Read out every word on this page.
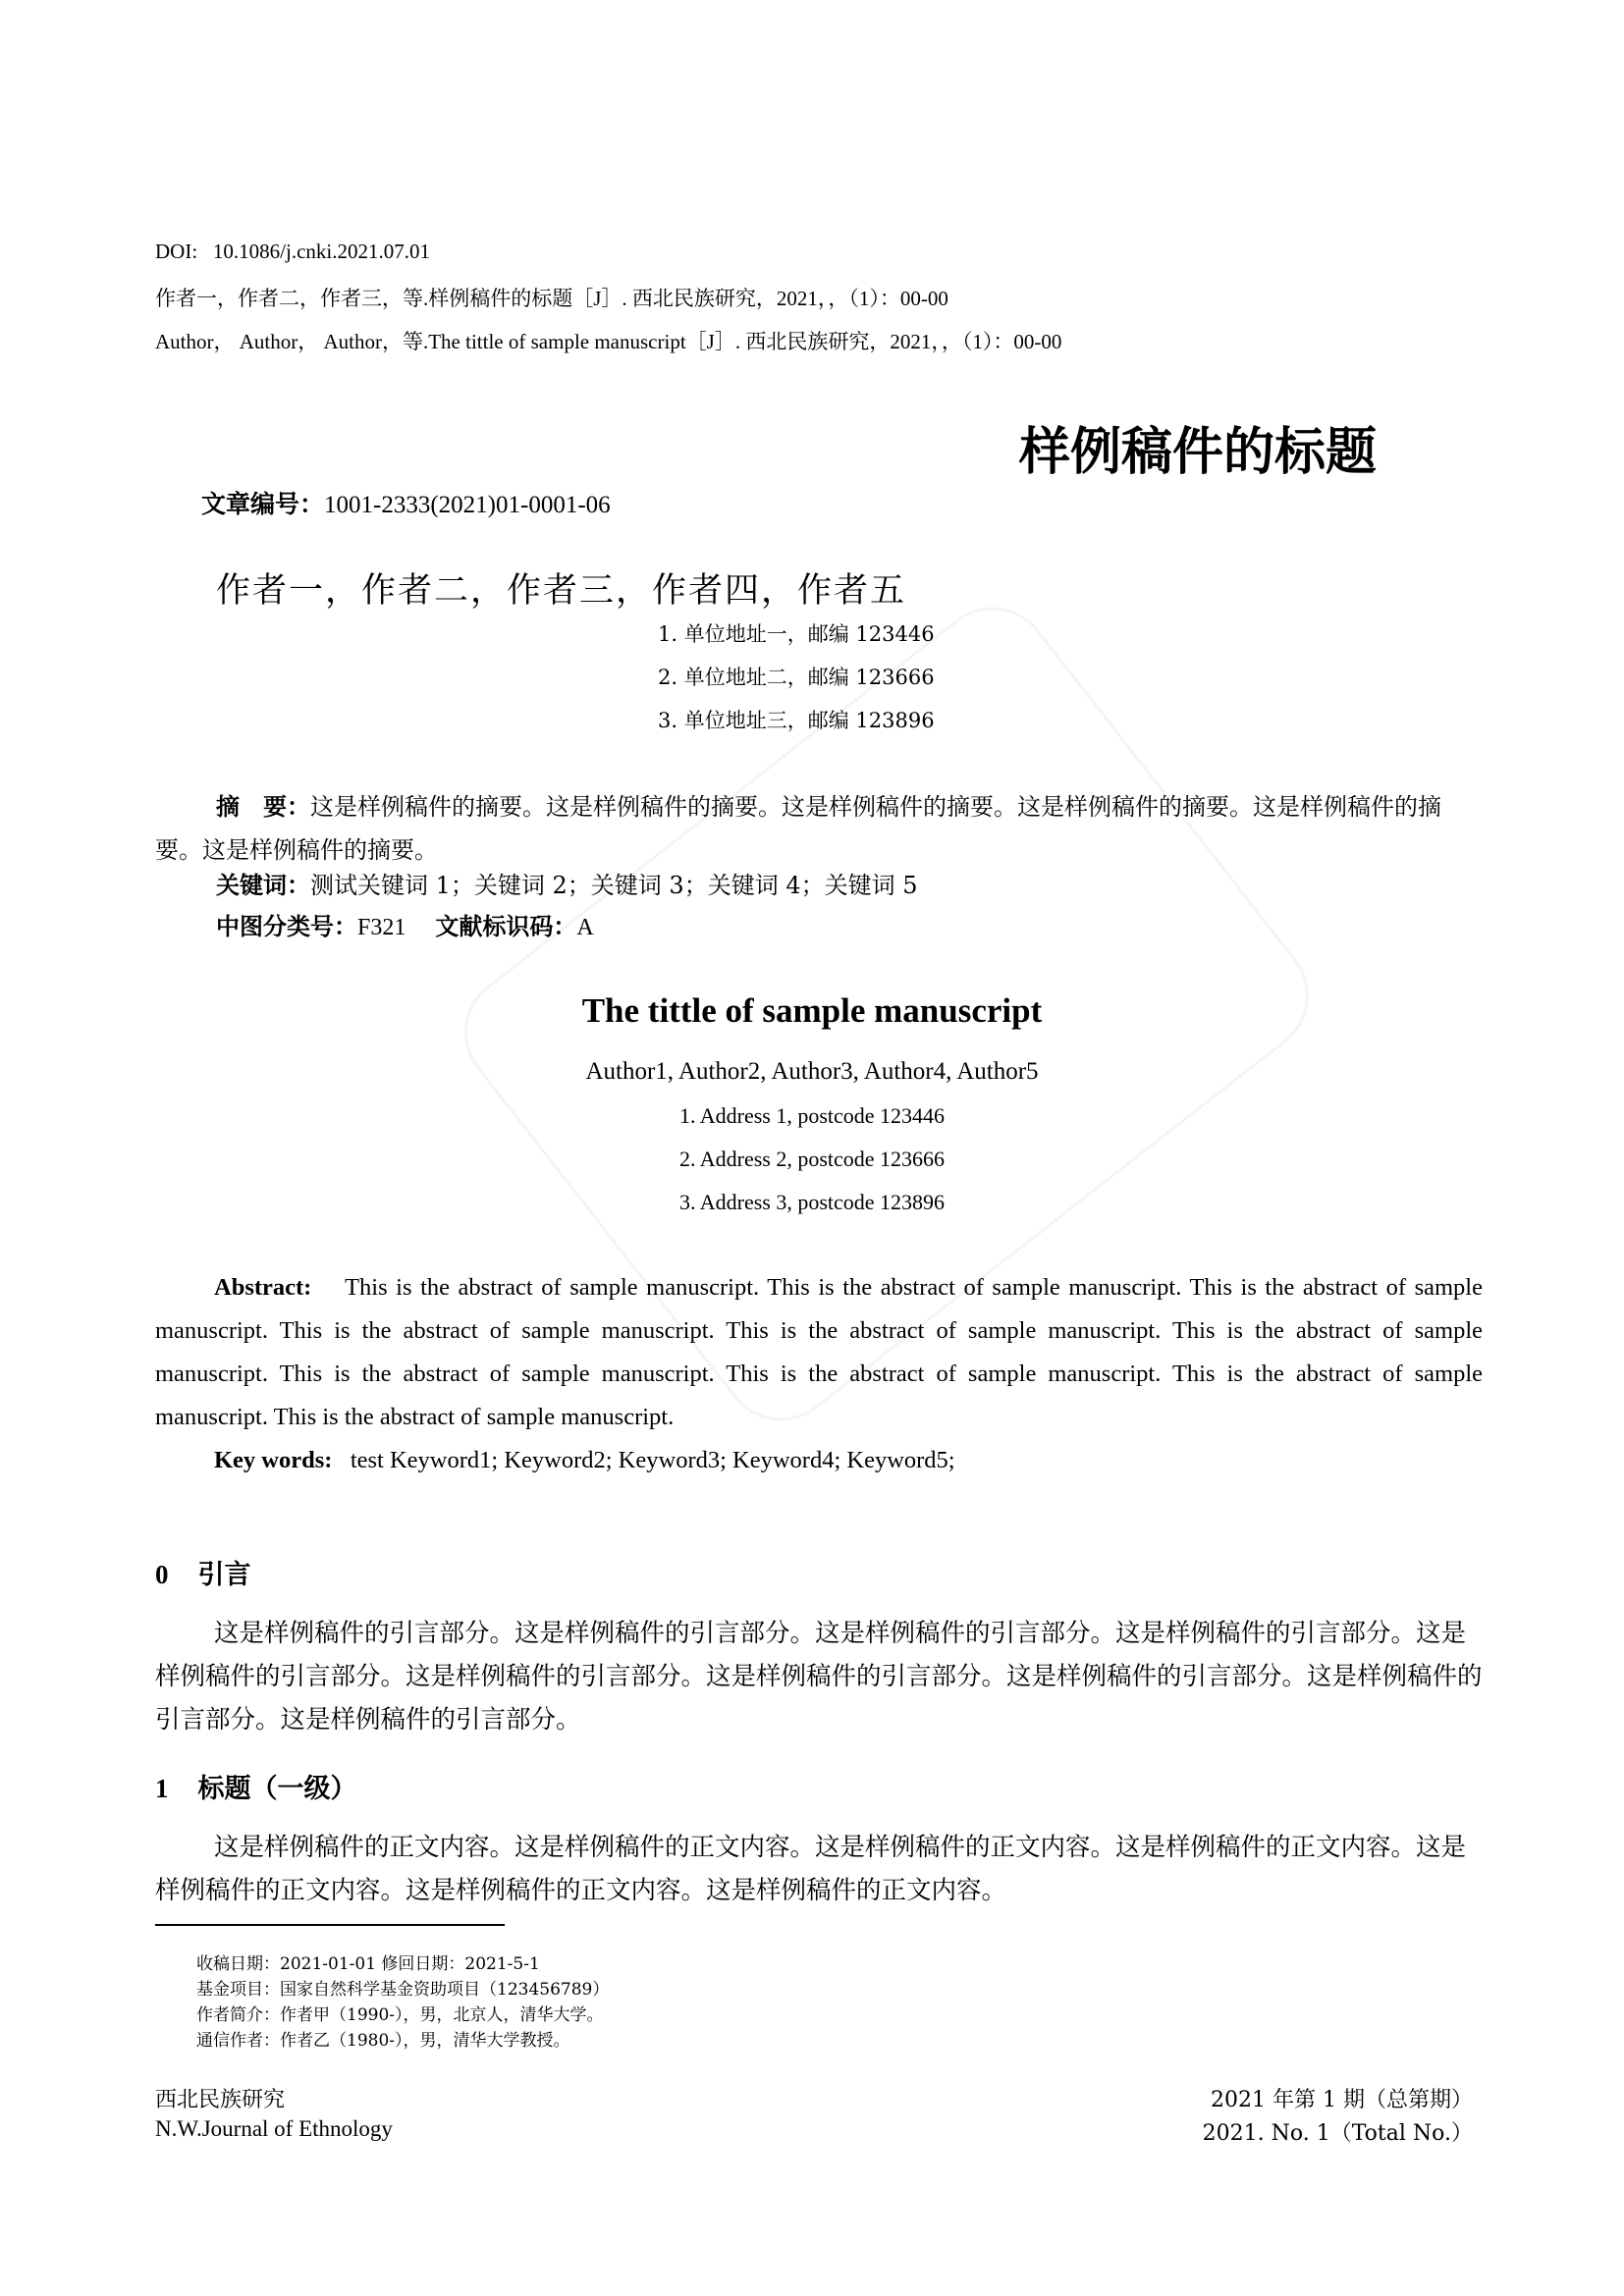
DOI:   10.1086/j.cnki.2021.07.01
作者一，作者二，作者三，等.样例稿件的标题［J］. 西北民族研究，2021，，（1）：00-00
Author， Author， Author，等.The tittle of sample manuscript［J］. 西北民族研究，2021，，（1）：00-00
样例稿件的标题
文章编号：1001-2333(2021)01-0001-06
作者一，作者二，作者三，作者四，作者五
1. 单位地址一，邮编 123446
2. 单位地址二，邮编 123666
3. 单位地址三，邮编 123896
摘　要：这是样例稿件的摘要。这是样例稿件的摘要。这是样例稿件的摘要。这是样例稿件的摘要。这是样例稿件的摘要。这是样例稿件的摘要。
关键词：测试关键词 1；关键词 2；关键词 3；关键词 4；关键词 5
中图分类号：F321 文献标识码：A
The tittle of sample manuscript
Author1, Author2, Author3, Author4, Author5
1. Address 1, postcode 123446
2. Address 2, postcode 123666
3. Address 3, postcode 123896
Abstract: This is the abstract of sample manuscript. This is the abstract of sample manuscript. This is the abstract of sample manuscript. This is the abstract of sample manuscript. This is the abstract of sample manuscript. This is the abstract of sample manuscript. This is the abstract of sample manuscript. This is the abstract of sample manuscript. This is the abstract of sample manuscript. This is the abstract of sample manuscript.
Key words: test Keyword1; Keyword2; Keyword3; Keyword4; Keyword5;
0 引言
这是样例稿件的引言部分。这是样例稿件的引言部分。这是样例稿件的引言部分。这是样例稿件的引言部分。这是样例稿件的引言部分。这是样例稿件的引言部分。这是样例稿件的引言部分。这是样例稿件的引言部分。这是样例稿件的引言部分。这是样例稿件的引言部分。
1 标题（一级）
这是样例稿件的正文内容。这是样例稿件的正文内容。这是样例稿件的正文内容。这是样例稿件的正文内容。这是样例稿件的正文内容。这是样例稿件的正文内容。这是样例稿件的正文内容。
收稿日期：2021-01-01 修回日期：2021-5-1
基金项目：国家自然科学基金资助项目（123456789）
作者简介：作者甲（1990-），男，北京人，清华大学。
通信作者：作者乙（1980-），男，清华大学教授。
西北民族研究
N.W.Journal of Ethnology
2021 年第 1 期（总第期）
2021. No. 1（Total No.）
